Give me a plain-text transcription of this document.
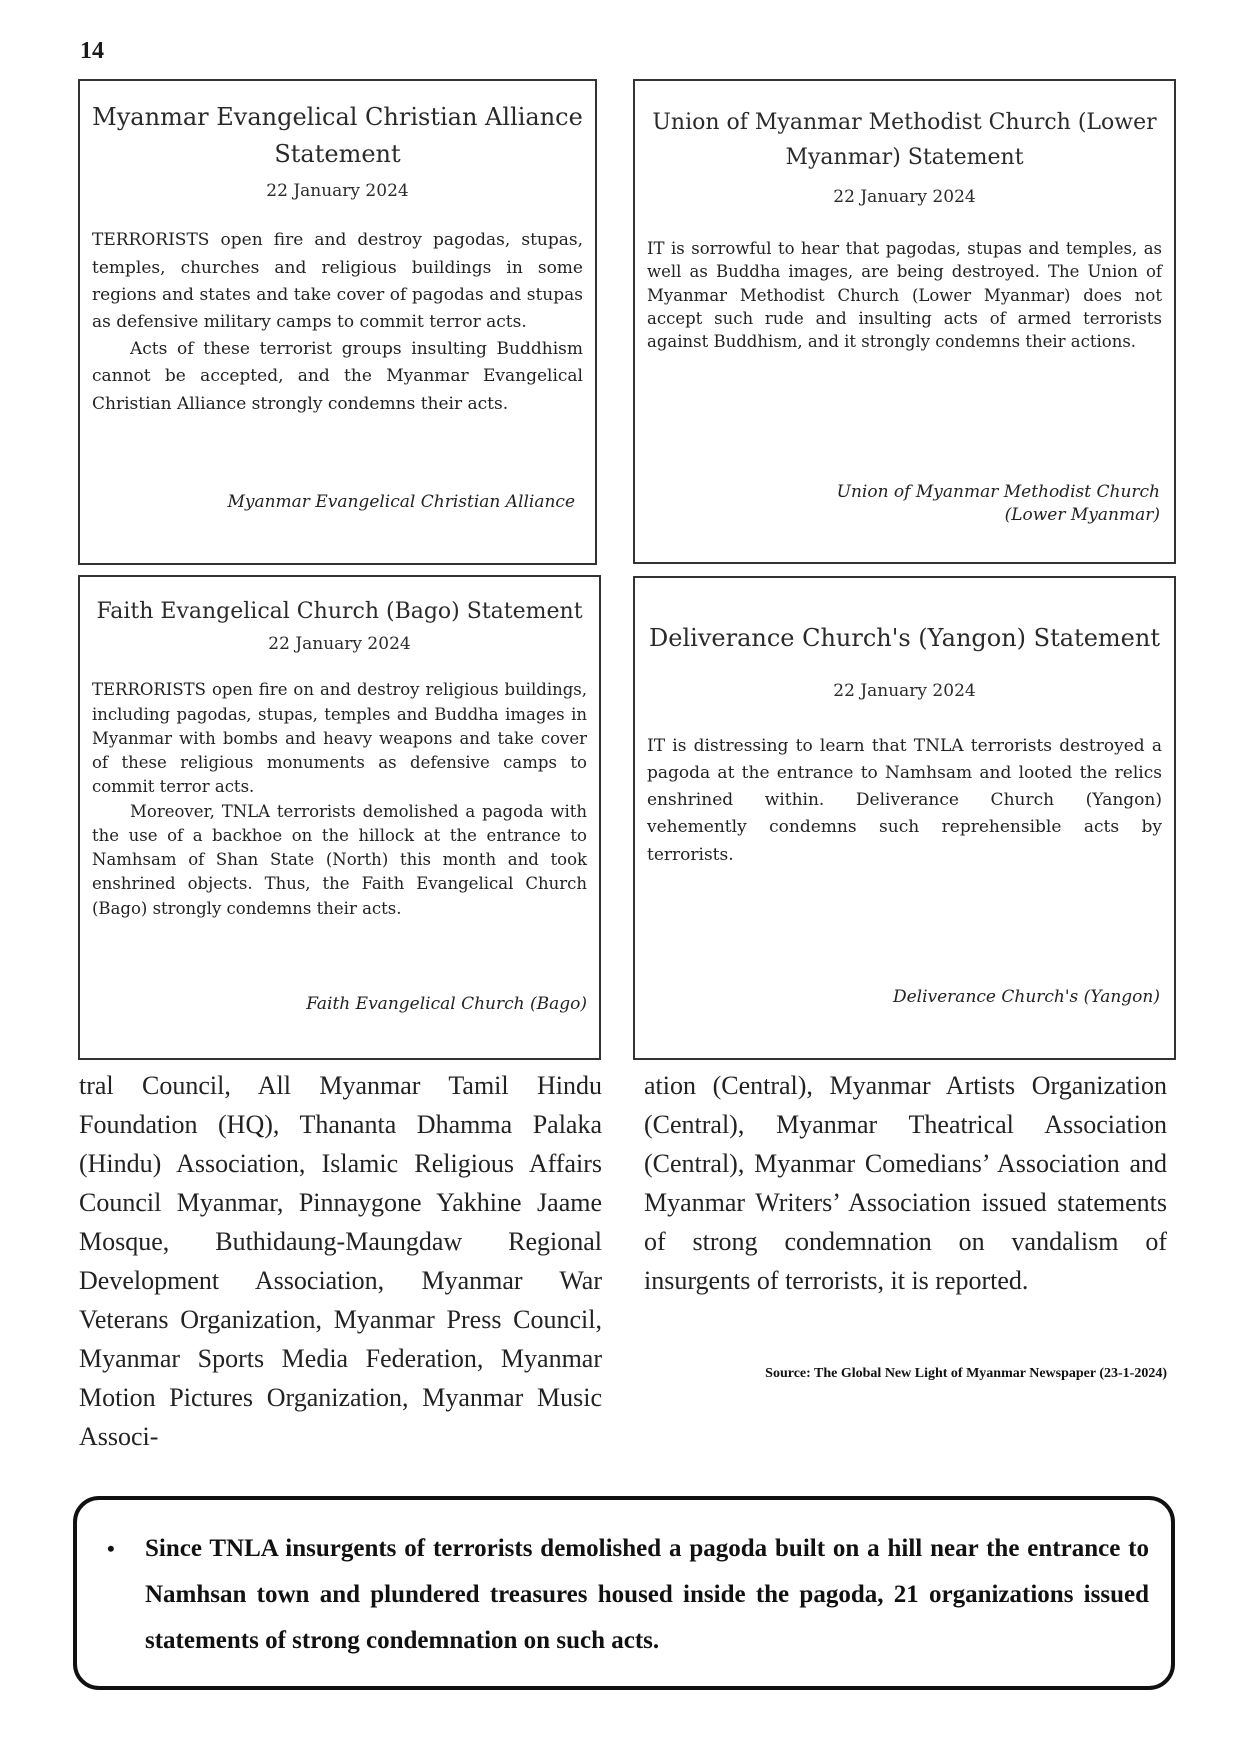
14

Myanmar Evangelical Christian Alliance Statement

22 January 2024

TERRORISTS open fire and destroy pagodas, stupas, temples, churches and religious buildings in some regions and states and take cover of pagodas and stupas as defensive military camps to commit terror acts.

Acts of these terrorist groups insulting Buddhism cannot be accepted, and the Myanmar Evangelical Christian Alliance strongly condemns their acts.

Myanmar Evangelical Christian Alliance

Union of Myanmar Methodist Church (Lower Myanmar) Statement

22 January 2024

IT is sorrowful to hear that pagodas, stupas and temples, as well as Buddha images, are being destroyed. The Union of Myanmar Methodist Church (Lower Myanmar) does not accept such rude and insulting acts of armed terrorists against Buddhism, and it strongly condemns their actions.

Union of Myanmar Methodist Church
(Lower Myanmar)

Faith Evangelical Church (Bago) Statement

22 January 2024

TERRORISTS open fire on and destroy religious buildings, including pagodas, stupas, temples and Buddha images in Myanmar with bombs and heavy weapons and take cover of these religious monuments as defensive camps to commit terror acts.

Moreover, TNLA terrorists demolished a pagoda with the use of a backhoe on the hillock at the entrance to Namhsam of Shan State (North) this month and took enshrined objects. Thus, the Faith Evangelical Church (Bago) strongly condemns their acts.

Faith Evangelical Church (Bago)

Deliverance Church's (Yangon) Statement

22 January 2024

IT is distressing to learn that TNLA terrorists destroyed a pagoda at the entrance to Namhsam and looted the relics enshrined within. Deliverance Church (Yangon) vehemently condemns such reprehensible acts by terrorists.

Deliverance Church's (Yangon)

tral Council, All Myanmar Tamil Hindu Foundation (HQ), Thananta Dhamma Palaka (Hindu) Association, Islamic Religious Affairs Council Myanmar, Pinnaygone Yakhine Jaame Mosque, Buthidaung-Maungdaw Regional Development Association, Myanmar War Veterans Organization, Myanmar Press Council, Myanmar Sports Media Federation, Myanmar Motion Pictures Organization, Myanmar Music Associ-

ation (Central), Myanmar Artists Organization (Central), Myanmar Theatrical Association (Central), Myanmar Comedians’ Association and Myanmar Writers’ Association issued statements of strong condemnation on vandalism of insurgents of terrorists, it is reported.

Source: The Global New Light of Myanmar Newspaper (23-1-2024)
• Since TNLA insurgents of terrorists demolished a pagoda built on a hill near the entrance to Namhsan town and plundered treasures housed inside the pagoda, 21 organizations issued statements of strong condemnation on such acts.
